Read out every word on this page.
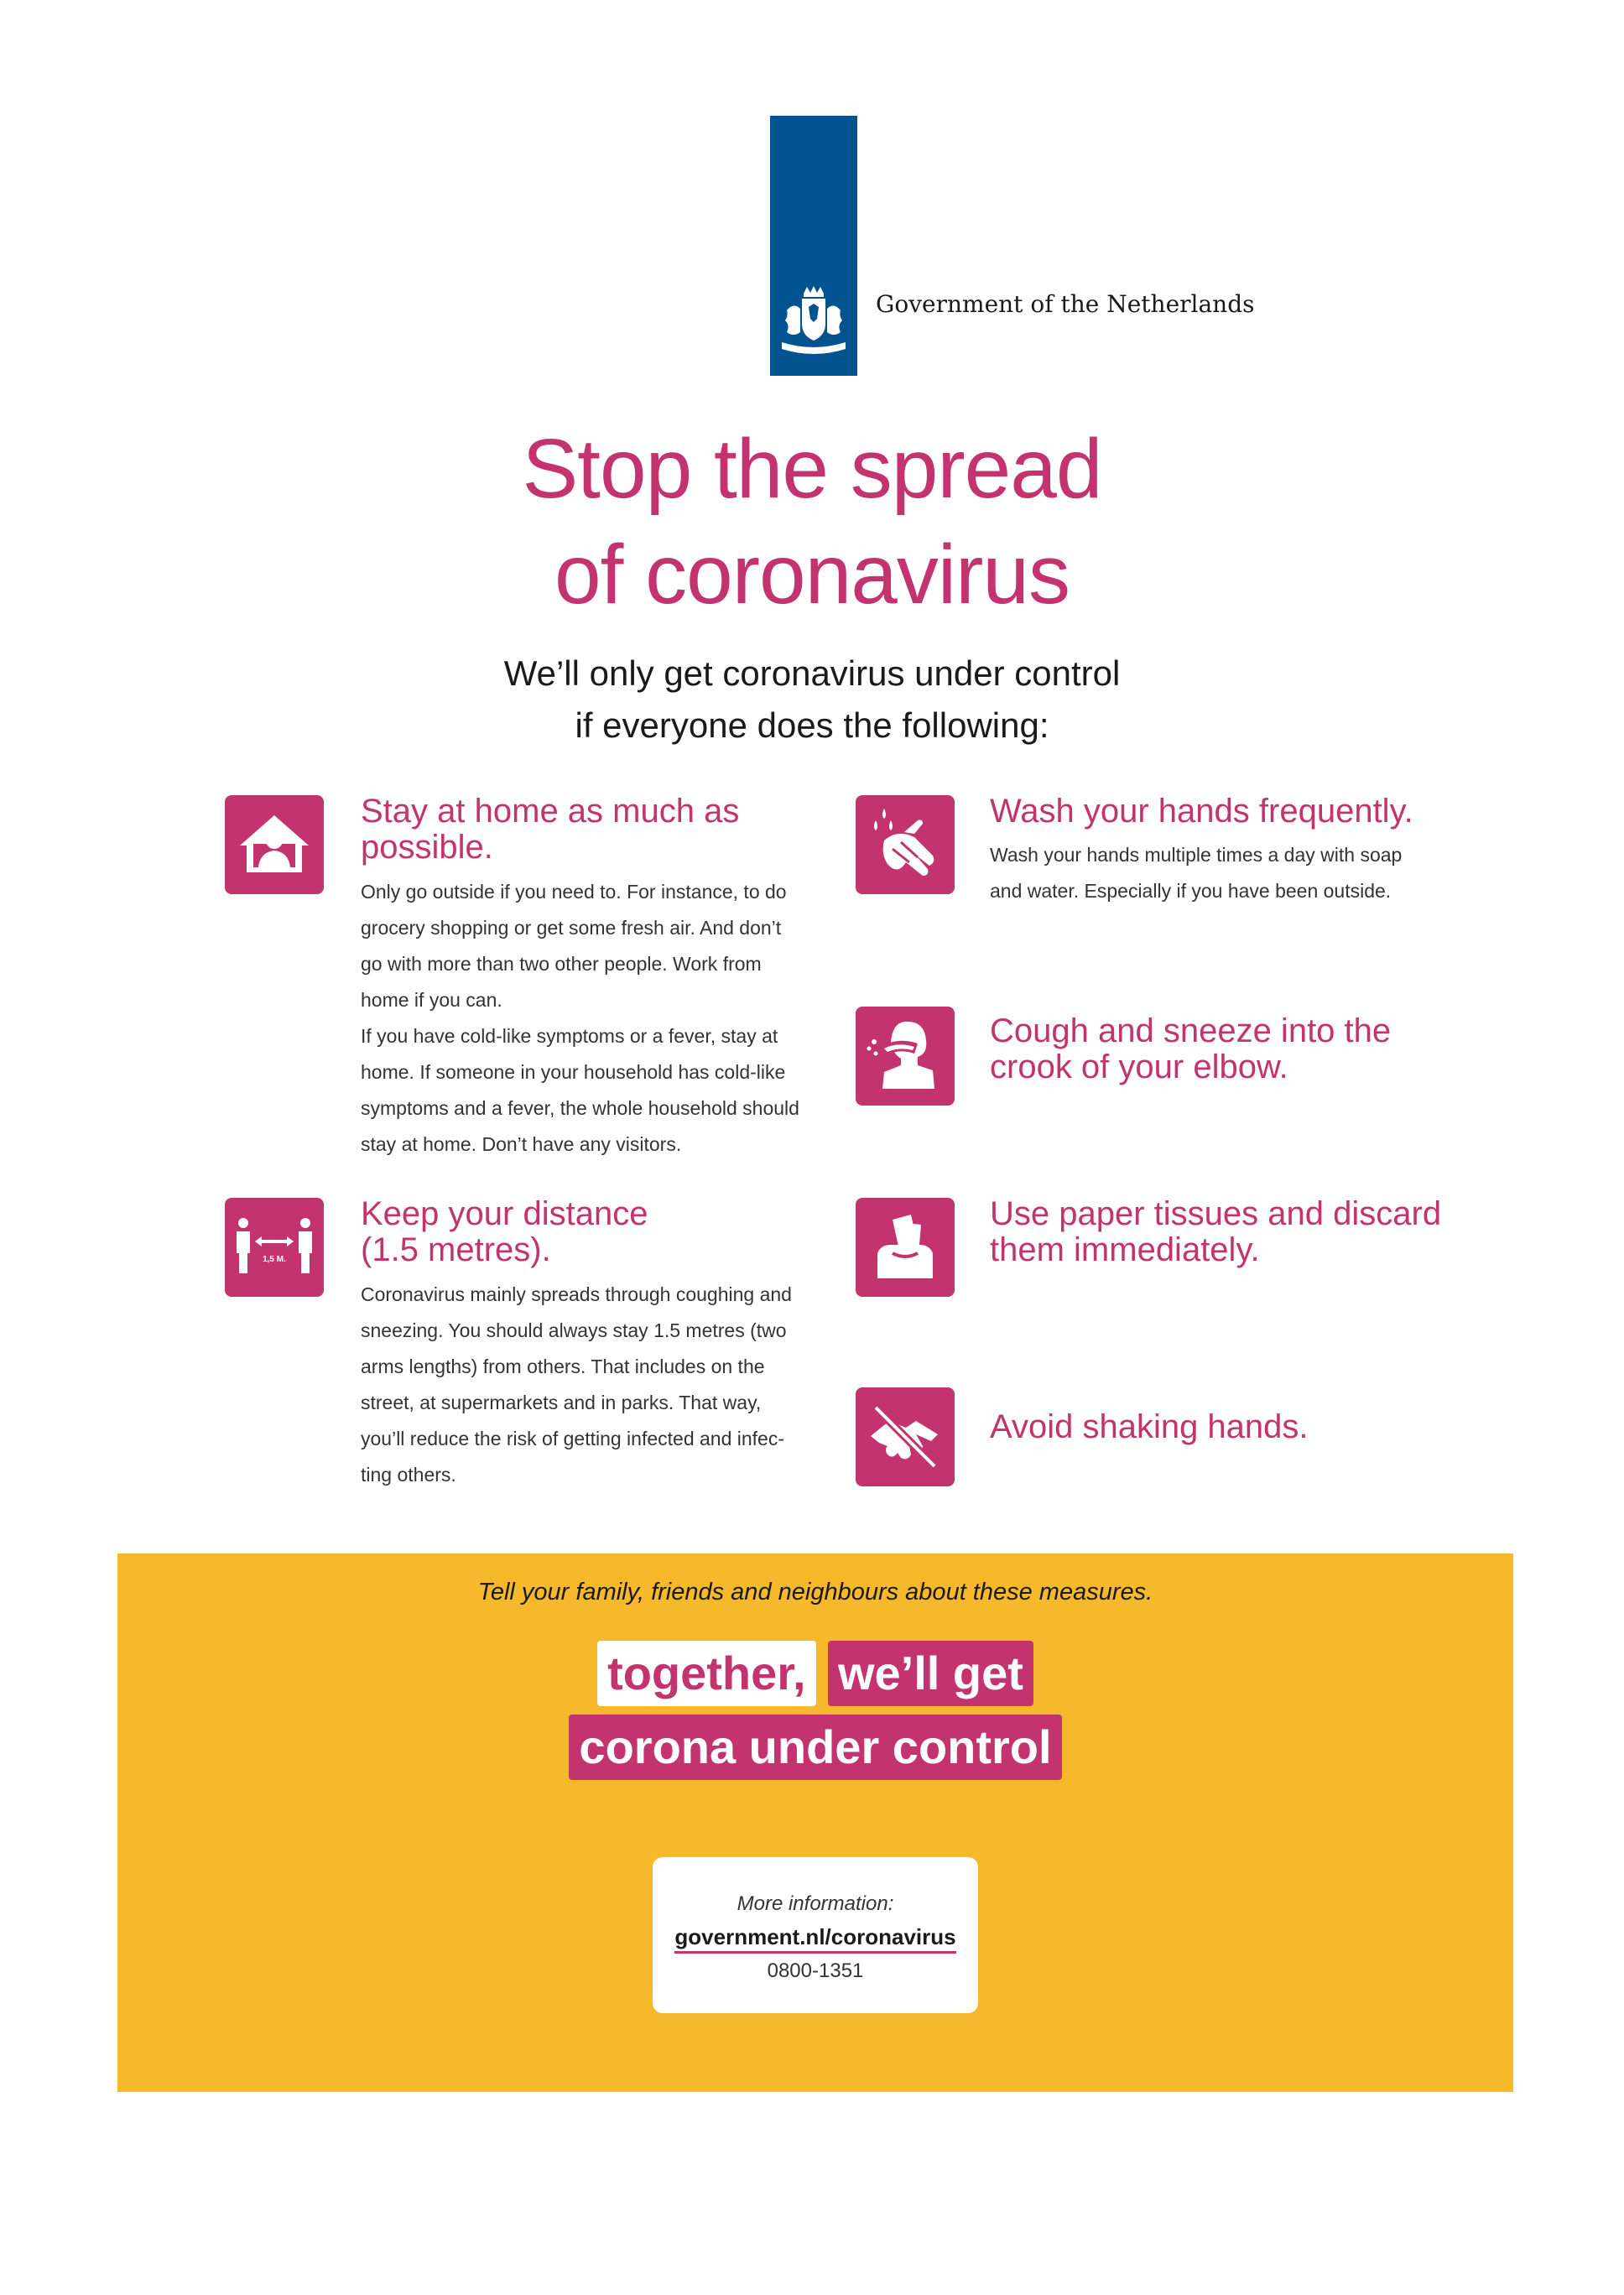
Government of the Netherlands
Stop the spread
of coronavirus
We’ll only get coronavirus under control
if everyone does the following:
Stay at home as much as
possible.
Only go outside if you need to. For instance, to do
grocery shopping or get some fresh air. And don’t
go with more than two other people. Work from
home if you can.
If you have cold-like symptoms or a fever, stay at
home. If someone in your household has cold-like
symptoms and a fever, the whole household should
stay at home. Don’t have any visitors.
1,5 M.
Keep your distance
(1.5 metres).
Coronavirus mainly spreads through coughing and
sneezing. You should always stay 1.5 metres (two
arms lengths) from others. That includes on the
street, at supermarkets and in parks. That way,
you’ll reduce the risk of getting infected and infec-
ting others.
Wash your hands frequently.
Wash your hands multiple times a day with soap
and water. Especially if you have been outside.
Cough and sneeze into the
crook of your elbow.
Use paper tissues and discard
them immediately.
Avoid shaking hands.
Tell your family, friends and neighbours about these measures.
together, we’ll get
corona under control
More information:
government.nl/coronavirus
0800-1351
